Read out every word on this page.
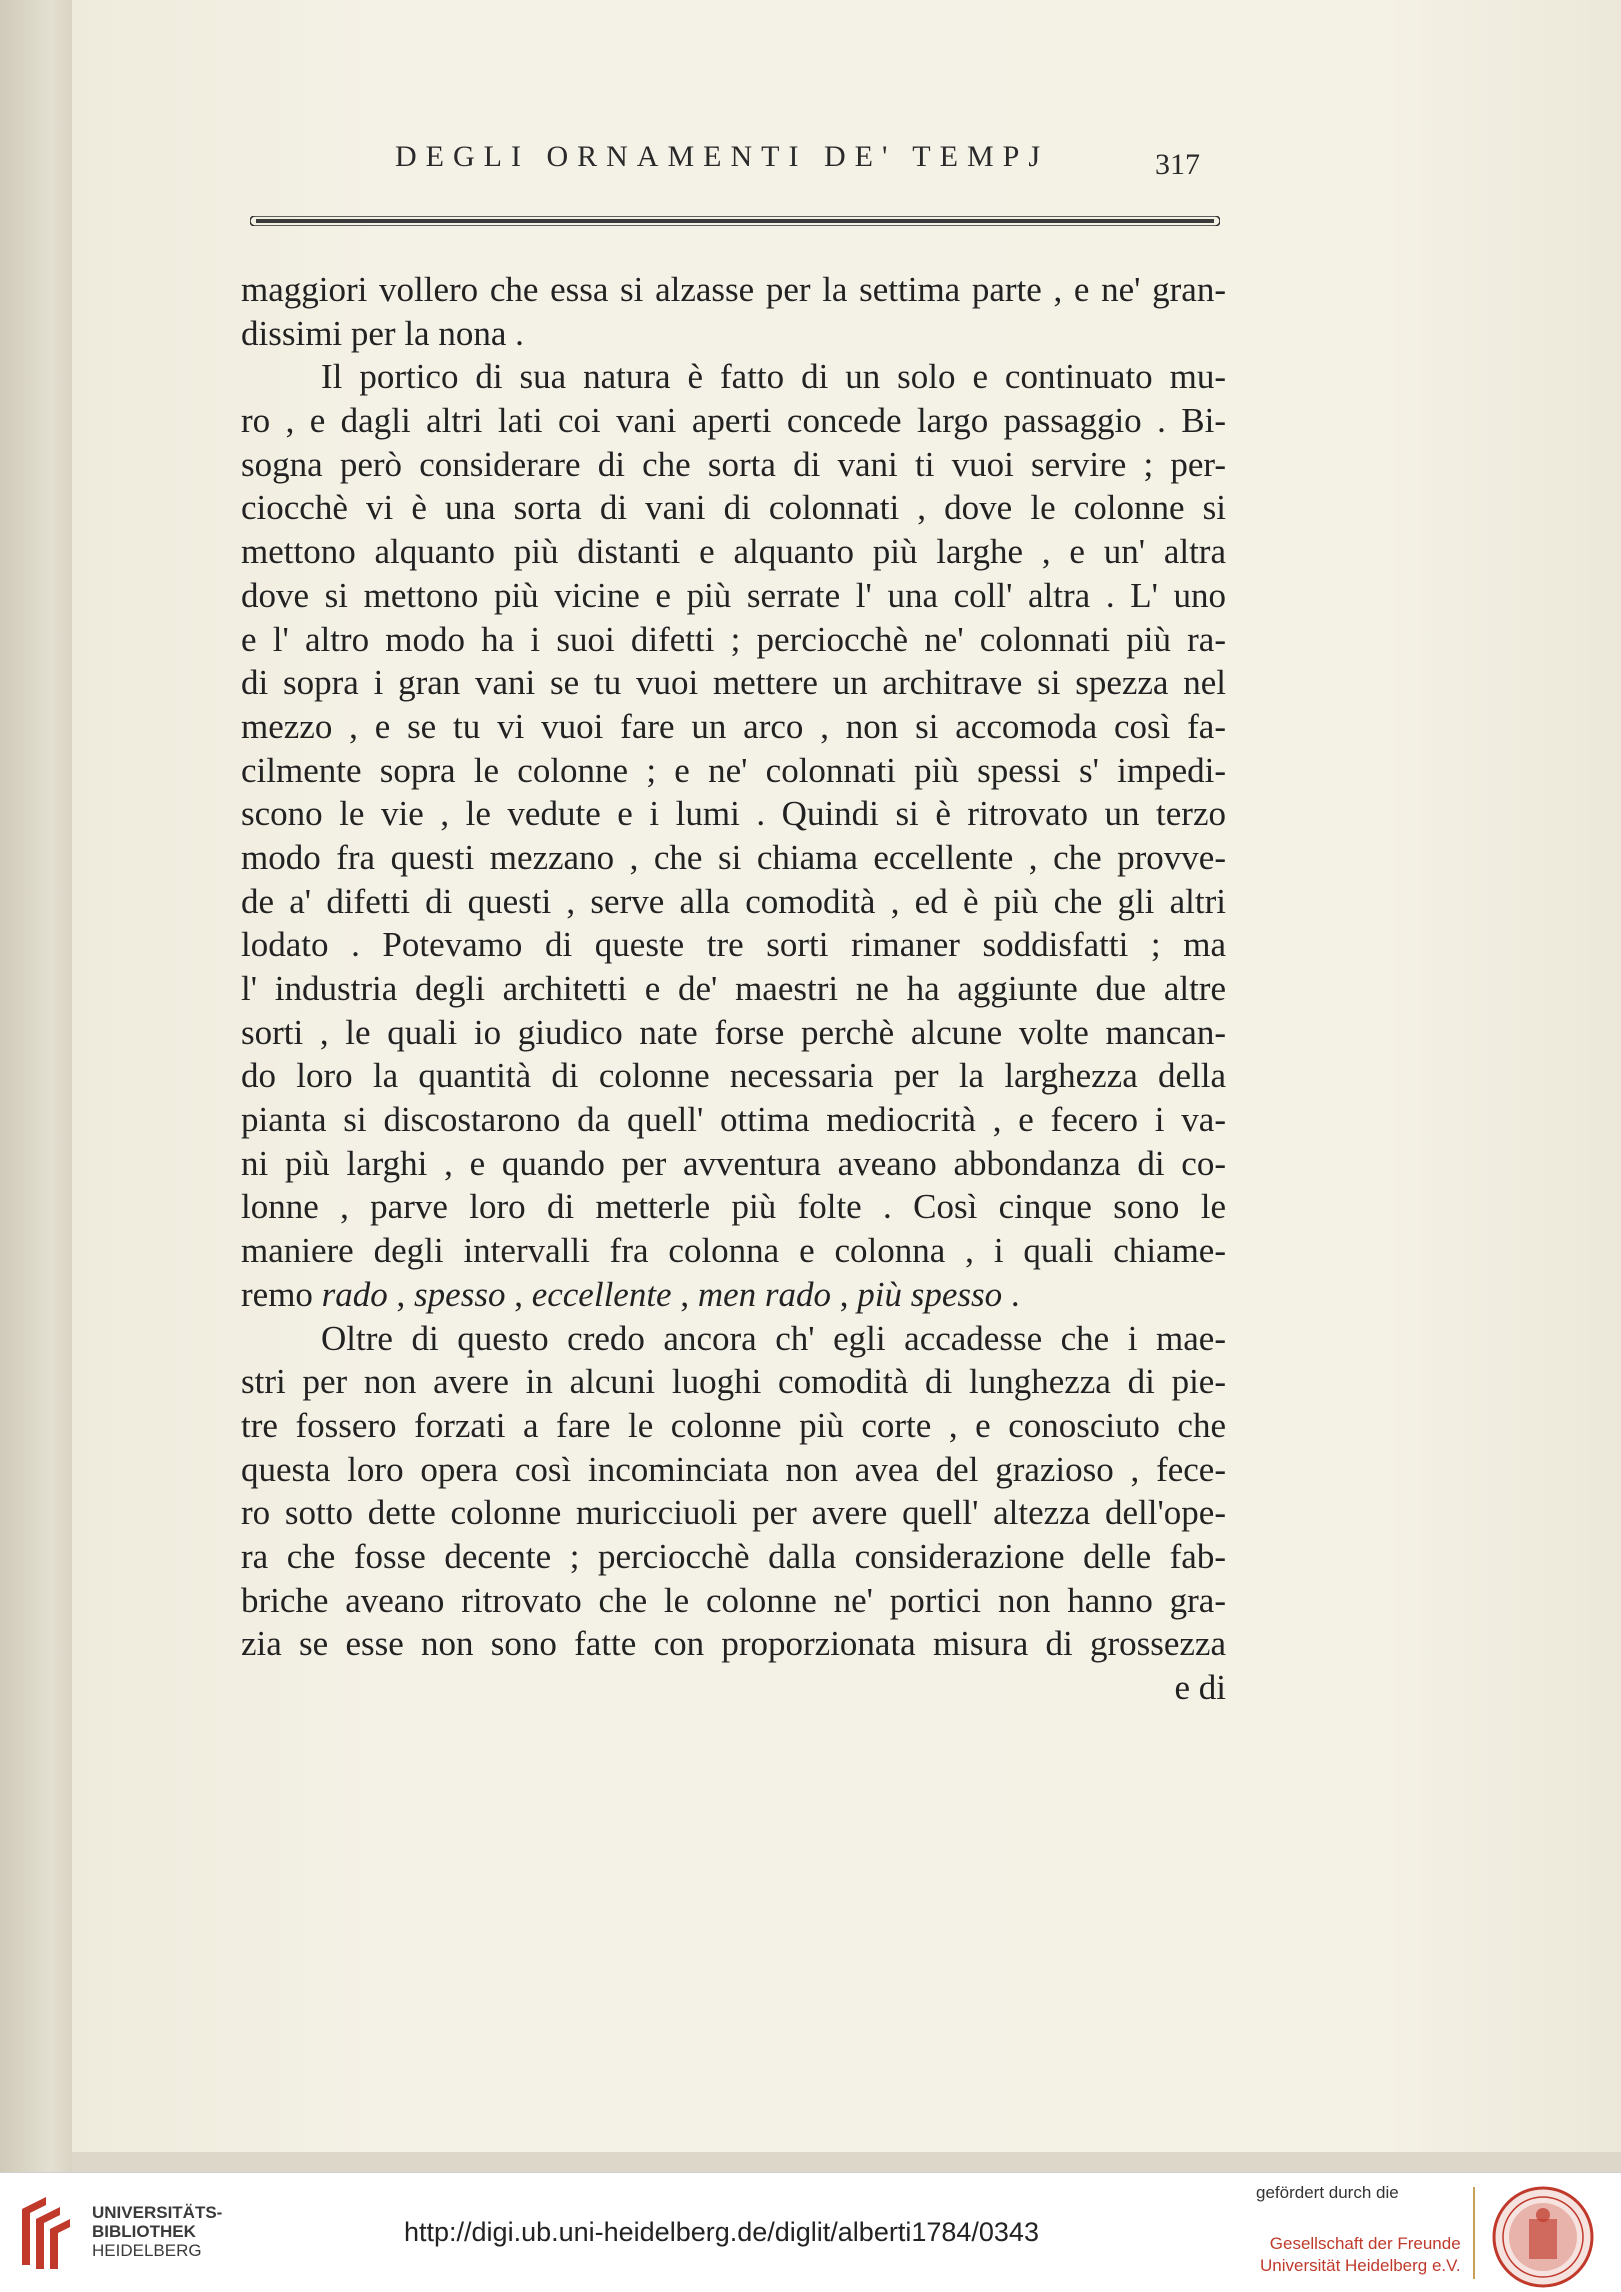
DEGLI ORNAMENTI DE' TEMPJ	317
maggiori vollero che essa si alzasse per la settima parte , e ne' gran-
dissimi per la nona .
Il portico di sua natura è fatto di un solo e continuato mu-
ro , e dagli altri lati coi vani aperti concede largo passaggio . Bi-
sogna però considerare di che sorta di vani ti vuoi servire ; per-
ciocchè vi è una sorta di vani di colonnati , dove le colonne si
mettono alquanto più distanti e alquanto più larghe , e un' altra
dove si mettono più vicine e più serrate l' una coll' altra . L' uno
e l' altro modo ha i suoi difetti ; perciocchè ne' colonnati più ra-
di sopra i gran vani se tu vuoi mettere un architrave si spezza nel
mezzo , e se tu vi vuoi fare un arco , non si accomoda così fa-
cilmente sopra le colonne ; e ne' colonnati più spessi s' impedi-
scono le vie , le vedute e i lumi . Quindi si è ritrovato un terzo
modo fra questi mezzano , che si chiama eccellente , che provve-
de a' difetti di questi , serve alla comodità , ed è più che gli altri
lodato . Potevamo di queste tre sorti rimaner soddisfatti ; ma
l' industria degli architetti e de' maestri ne ha aggiunte due altre
sorti , le quali io giudico nate forse perchè alcune volte mancan-
do loro la quantità di colonne necessaria per la larghezza della
pianta si discostarono da quell' ottima mediocrità , e fecero i va-
ni più larghi , e quando per avventura aveano abbondanza di co-
lonne , parve loro di metterle più folte . Così cinque sono le
maniere degli intervalli fra colonna e colonna , i quali chiame-
remo rado , spesso , eccellente , men rado , più spesso .
Oltre di questo credo ancora ch' egli accadesse che i mae-
stri per non avere in alcuni luoghi comodità di lunghezza di pie-
tre fossero forzati a fare le colonne più corte , e conosciuto che
questa loro opera così incominciata non avea del grazioso , fece-
ro sotto dette colonne muricciuoli per avere quell' altezza dell'ope-
ra che fosse decente ; perciocchè dalla considerazione delle fab-
briche aveano ritrovato che le colonne ne' portici non hanno gra-
zia se esse non sono fatte con proporzionata misura di grossezza
e di
UNIVERSITÄTS-
BIBLIOTHEK
HEIDELBERG
http://digi.ub.uni-heidelberg.de/diglit/alberti1784/0343
gefördert durch die
Gesellschaft der Freunde
Universität Heidelberg e.V.
